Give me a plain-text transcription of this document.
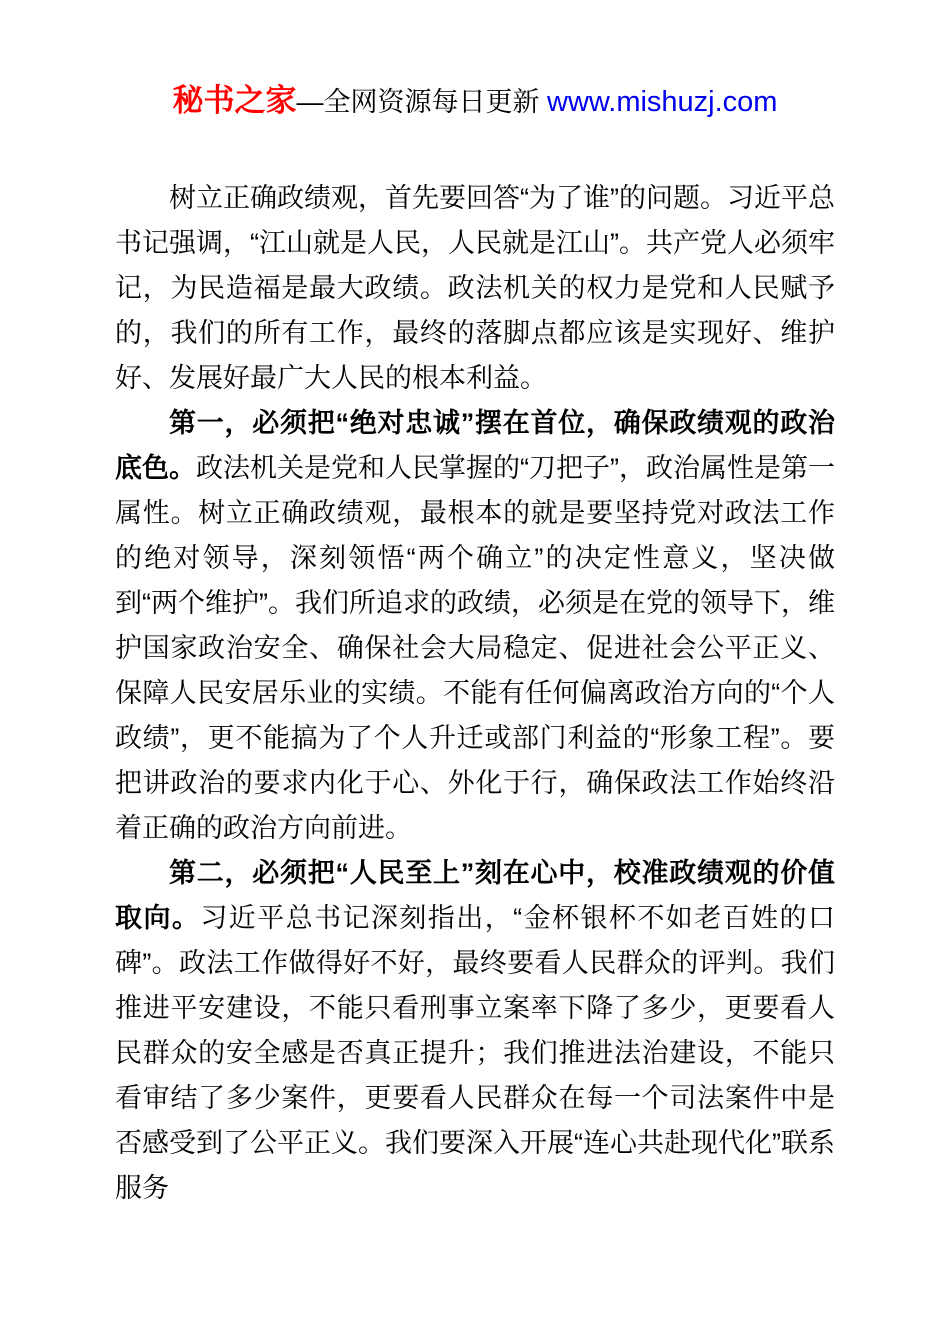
秘书之家—全网资源每日更新 www.mishuzj.com

树立正确政绩观，首先要回答“为了谁”的问题。习近平总书记强调，“江山就是人民，人民就是江山”。共产党人必须牢记，为民造福是最大政绩。政法机关的权力是党和人民赋予的，我们的所有工作，最终的落脚点都应该是实现好、维护好、发展好最广大人民的根本利益。

第一，必须把“绝对忠诚”摆在首位，确保政绩观的政治底色。政法机关是党和人民掌握的“刀把子”，政治属性是第一属性。树立正确政绩观，最根本的就是要坚持党对政法工作的绝对领导，深刻领悟“两个确立”的决定性意义，坚决做到“两个维护”。我们所追求的政绩，必须是在党的领导下，维护国家政治安全、确保社会大局稳定、促进社会公平正义、保障人民安居乐业的实绩。不能有任何偏离政治方向的“个人政绩”，更不能搞为了个人升迁或部门利益的“形象工程”。要把讲政治的要求内化于心、外化于行，确保政法工作始终沿着正确的政治方向前进。

第二，必须把“人民至上”刻在心中，校准政绩观的价值取向。习近平总书记深刻指出，“金杯银杯不如老百姓的口碑”。政法工作做得好不好，最终要看人民群众的评判。我们推进平安建设，不能只看刑事立案率下降了多少，更要看人民群众的安全感是否真正提升；我们推进法治建设，不能只看审结了多少案件，更要看人民群众在每一个司法案件中是否感受到了公平正义。我们要深入开展“连心共赴现代化”联系服务
